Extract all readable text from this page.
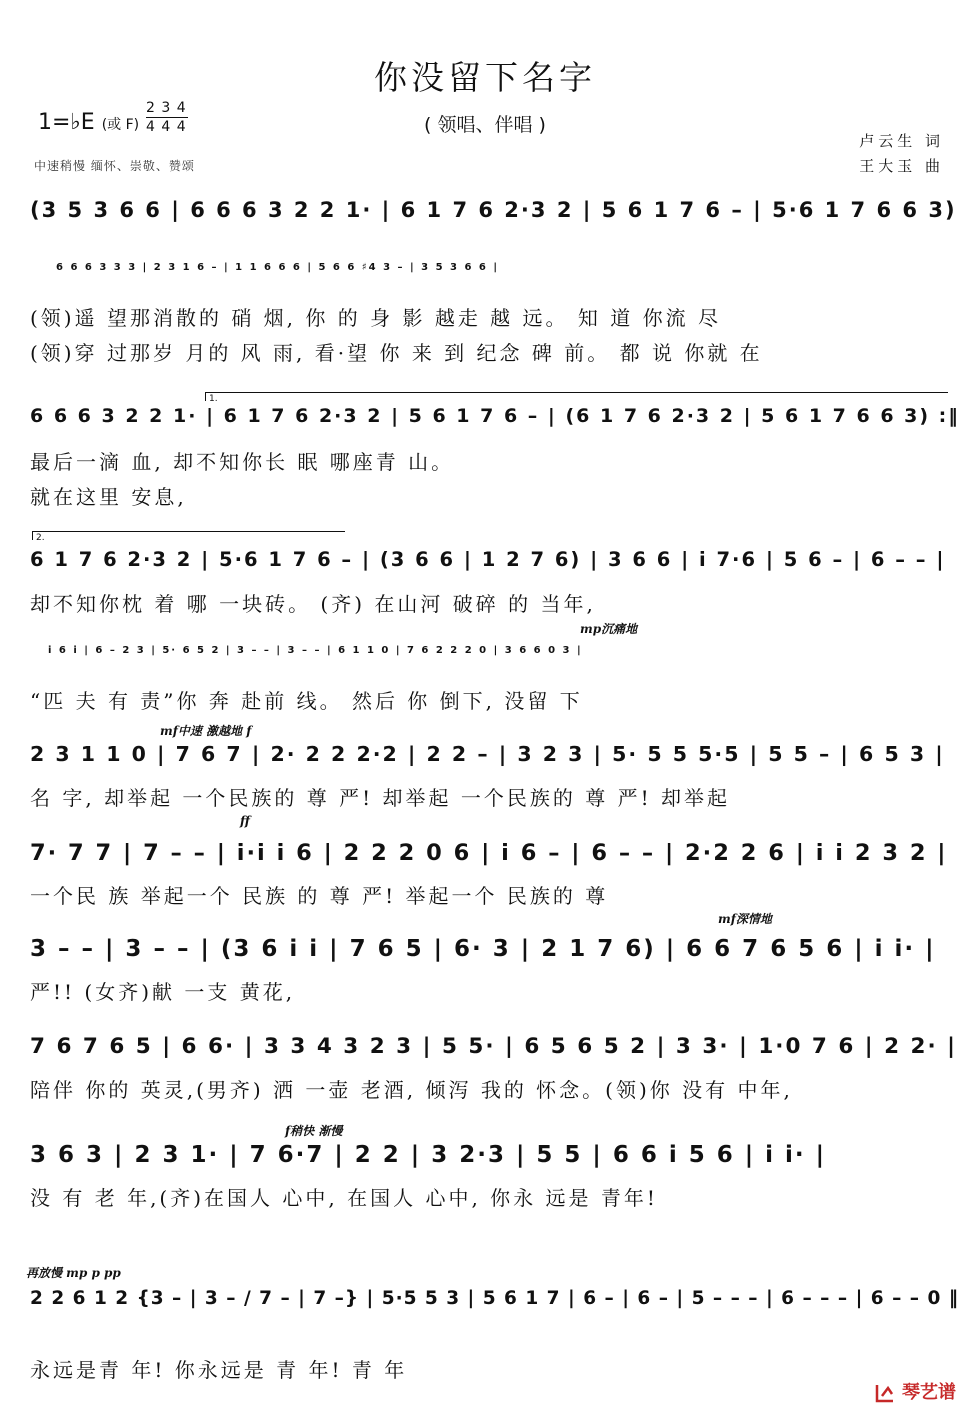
你没留下名字
( 领唱、伴唱 )
1=♭E (或 F)
2 3 4
4 4 4
卢云生 词
王大玉 曲
中速稍慢 缅怀、崇敬、赞颂
(3 5 3 6 6 | 6 6 6 3 2 2 1· | 6 1 7 6 2·3 2 | 5 6 1 7 6 – | 5·6 1 7 6 6 3)
6 6 6 3 3 3 | 2 3 1 6 – | 1 1 6 6 6 | 5 6 6 ♯4 3 – | 3 5 3 6 6 |
(领)遥 望那消散的 硝 烟, 你 的 身 影 越走 越 远。 知 道 你流 尽
(领)穿 过那岁 月的 风 雨, 看·望 你 来 到 纪念 碑 前。 都 说 你就 在
1.
6 6 6 3 2 2 1· | 6 1 7 6 2·3 2 | 5 6 1 7 6 – | (6 1 7 6 2·3 2 | 5 6 1 7 6 6 3) :‖
最后一滴 血, 却不知你长 眠 哪座青 山。
就在这里 安息,
2.
6 1 7 6 2·3 2 | 5·6 1 7 6 – | (3 6 6 | 1 2 7 6) | 3 6 6 | i 7·6 | 5 6 – | 6 – – |
却不知你枕 着 哪 一块砖。 (齐) 在山河 破碎 的 当年,
mp沉痛地
i 6 i | 6 – 2 3 | 5· 6 5 2 | 3 – – | 3 – – | 6 1 1 0 | 7 6 2 2 2 0 | 3 6 6 0 3 |
“匹 夫 有 责”你 奔 赴前 线。 然后 你 倒下, 没留 下
mf中速 激越地 f
2 3 1 1 0 | 7 6 7 | 2· 2 2 2·2 | 2 2 – | 3 2 3 | 5· 5 5 5·5 | 5 5 – | 6 5 3 |
名 字, 却举起 一个民族的 尊 严! 却举起 一个民族的 尊 严! 却举起
ff
7· 7 7 | 7 – – | i·i i 6 | 2 2 2 0 6 | i 6 – | 6 – – | 2·2 2 6 | i i 2 3 2 |
一个民 族 举起一个 民族 的 尊 严! 举起一个 民族的 尊
mf深情地
3 – – | 3 – – | (3 6 i i | 7 6 5 | 6· 3 | 2 1 7 6) | 6 6 7 6 5 6 | i i· |
严!! (女齐)献 一支 黄花,
7 6 7 6 5 | 6 6· | 3 3 4 3 2 3 | 5 5· | 6 5 6 5 2 | 3 3· | 1·0 7 6 | 2 2· |
陪伴 你的 英灵,(男齐) 洒 一壶 老酒, 倾泻 我的 怀念。(领)你 没有 中年,
f稍快 渐慢
3 6 3 | 2 3 1· | 7 6·7 | 2 2 | 3 2·3 | 5 5 | 6 6 i 5 6 | i i· |
没 有 老 年,(齐)在国人 心中, 在国人 心中, 你永 远是 青年!
再放慢 mp p pp
2 2 6 1 2 {3 – | 3 – / 7 – | 7 –} | 5·5 5 3 | 5 6 1 7 | 6 – | 6 – | 5 – – – | 6 – – – | 6 – – 0 ‖
永远是青 年! 你永远是 青 年! 青 年
琴艺谱
